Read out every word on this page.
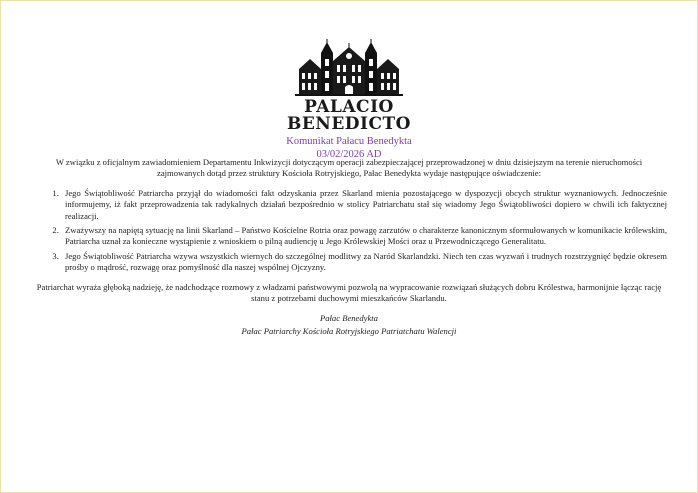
PALACIO
BENEDICTO
Komunikat Pałacu Benedykta
03/02/2026 AD

W związku z oficjalnym zawiadomieniem Departamentu Inkwizycji dotyczącym operacji zabezpieczającej przeprowadzonej w dniu dzisiejszym na terenie nieruchomości zajmowanych dotąd przez struktury Kościoła Rotryjskiego, Pałac Benedykta wydaje następujące oświadczenie:

1. Jego Świątobliwość Patriarcha przyjął do wiadomości fakt odzyskania przez Skarland mienia pozostającego w dyspozycji obcych struktur wyznaniowych. Jednocześnie informujemy, iż fakt przeprowadzenia tak radykalnych działań bezpośrednio w stolicy Patriarchatu stał się wiadomy Jego Świątobliwości dopiero w chwili ich faktycznej realizacji.
2. Zważywszy na napiętą sytuację na linii Skarland – Państwo Kościelne Rotria oraz powagę zarzutów o charakterze kanonicznym sformułowanych w komunikacie królewskim, Patriarcha uznał za konieczne wystąpienie z wnioskiem o pilną audiencję u Jego Królewskiej Mości oraz u Przewodniczącego Generalitatu.
3. Jego Świątobliwość Patriarcha wzywa wszystkich wiernych do szczególnej modlitwy za Naród Skarlandzki. Niech ten czas wyzwań i trudnych rozstrzygnięć będzie okresem prośby o mądrość, rozwagę oraz pomyślność dla naszej wspólnej Ojczyzny.

Patriarchat wyraża głęboką nadzieję, że nadchodzące rozmowy z władzami państwowymi pozwolą na wypracowanie rozwiązań służących dobru Królestwa, harmonijnie łącząc rację stanu z potrzebami duchowymi mieszkańców Skarlandu.

Pałac Benedykta
Pałac Patriarchy Kościoła Rotryjskiego Patriatchatu Walencji
